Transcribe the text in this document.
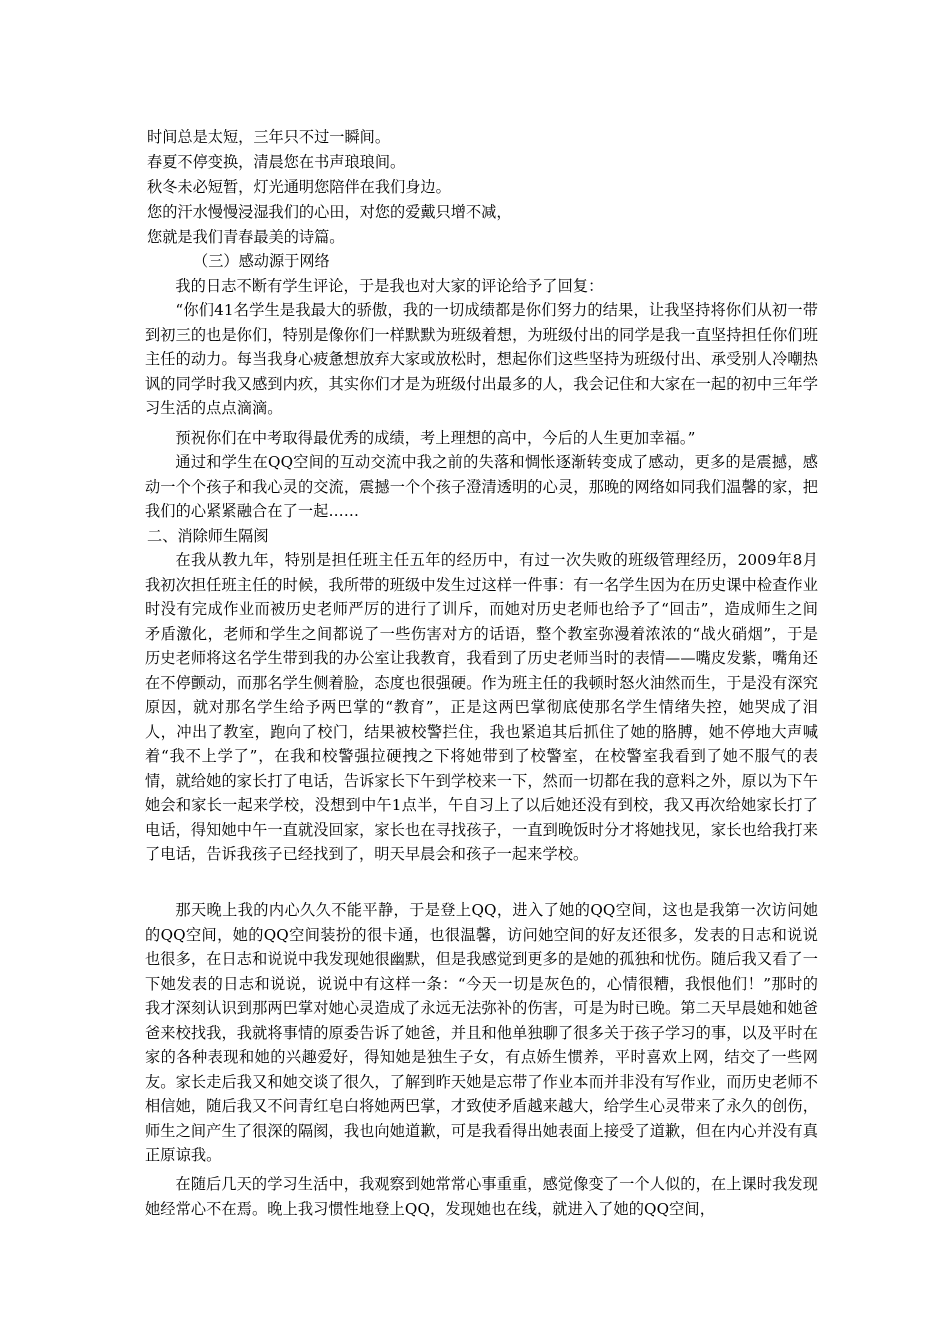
时间总是太短，三年只不过一瞬间。
春夏不停变换，清晨您在书声琅琅间。
秋冬未必短暂，灯光通明您陪伴在我们身边。
您的汗水慢慢浸湿我们的心田，对您的爱戴只增不减，
您就是我们青春最美的诗篇。
（三）感动源于网络
我的日志不断有学生评论，于是我也对大家的评论给予了回复：
“你们41名学生是我最大的骄傲，我的一切成绩都是你们努力的结果，让我坚持将你们从初一带到初三的也是你们，特别是像你们一样默默为班级着想，为班级付出的同学是我一直坚持担任你们班主任的动力。每当我身心疲惫想放弃大家或放松时，想起你们这些坚持为班级付出、承受别人冷嘲热讽的同学时我又感到内疚，其实你们才是为班级付出最多的人，我会记住和大家在一起的初中三年学习生活的点点滴滴。
预祝你们在中考取得最优秀的成绩，考上理想的高中，今后的人生更加幸福。”
通过和学生在QQ空间的互动交流中我之前的失落和惆怅逐渐转变成了感动，更多的是震撼，感动一个个孩子和我心灵的交流，震撼一个个孩子澄清透明的心灵，那晚的网络如同我们温馨的家，把我们的心紧紧融合在了一起……
二、消除师生隔阂
在我从教九年，特别是担任班主任五年的经历中，有过一次失败的班级管理经历，2009年8月我初次担任班主任的时候，我所带的班级中发生过这样一件事：有一名学生因为在历史课中检查作业时没有完成作业而被历史老师严厉的进行了训斥，而她对历史老师也给予了“回击”，造成师生之间矛盾激化，老师和学生之间都说了一些伤害对方的话语，整个教室弥漫着浓浓的“战火硝烟”，于是历史老师将这名学生带到我的办公室让我教育，我看到了历史老师当时的表情——嘴皮发紫，嘴角还在不停颤动，而那名学生侧着脸，态度也很强硬。作为班主任的我顿时怒火油然而生，于是没有深究原因，就对那名学生给予两巴掌的“教育”，正是这两巴掌彻底使那名学生情绪失控，她哭成了泪人，冲出了教室，跑向了校门，结果被校警拦住，我也紧追其后抓住了她的胳膊，她不停地大声喊着“我不上学了”，在我和校警强拉硬拽之下将她带到了校警室，在校警室我看到了她不服气的表情，就给她的家长打了电话，告诉家长下午到学校来一下，然而一切都在我的意料之外，原以为下午她会和家长一起来学校，没想到中午1点半，午自习上了以后她还没有到校，我又再次给她家长打了电话，得知她中午一直就没回家，家长也在寻找孩子，一直到晚饭时分才将她找见，家长也给我打来了电话，告诉我孩子已经找到了，明天早晨会和孩子一起来学校。
那天晚上我的内心久久不能平静，于是登上QQ，进入了她的QQ空间，这也是我第一次访问她的QQ空间，她的QQ空间装扮的很卡通，也很温馨，访问她空间的好友还很多，发表的日志和说说也很多，在日志和说说中我发现她很幽默，但是我感觉到更多的是她的孤独和忧伤。随后我又看了一下她发表的日志和说说，说说中有这样一条：“今天一切是灰色的，心情很糟，我恨他们！”那时的我才深刻认识到那两巴掌对她心灵造成了永远无法弥补的伤害，可是为时已晚。第二天早晨她和她爸爸来校找我，我就将事情的原委告诉了她爸，并且和他单独聊了很多关于孩子学习的事，以及平时在家的各种表现和她的兴趣爱好，得知她是独生子女，有点娇生惯养，平时喜欢上网，结交了一些网友。家长走后我又和她交谈了很久，了解到昨天她是忘带了作业本而并非没有写作业，而历史老师不相信她，随后我又不问青红皂白将她两巴掌，才致使矛盾越来越大，给学生心灵带来了永久的创伤，师生之间产生了很深的隔阂，我也向她道歉，可是我看得出她表面上接受了道歉，但在内心并没有真正原谅我。
在随后几天的学习生活中，我观察到她常常心事重重，感觉像变了一个人似的，在上课时我发现她经常心不在焉。晚上我习惯性地登上QQ，发现她也在线，就进入了她的QQ空间，
